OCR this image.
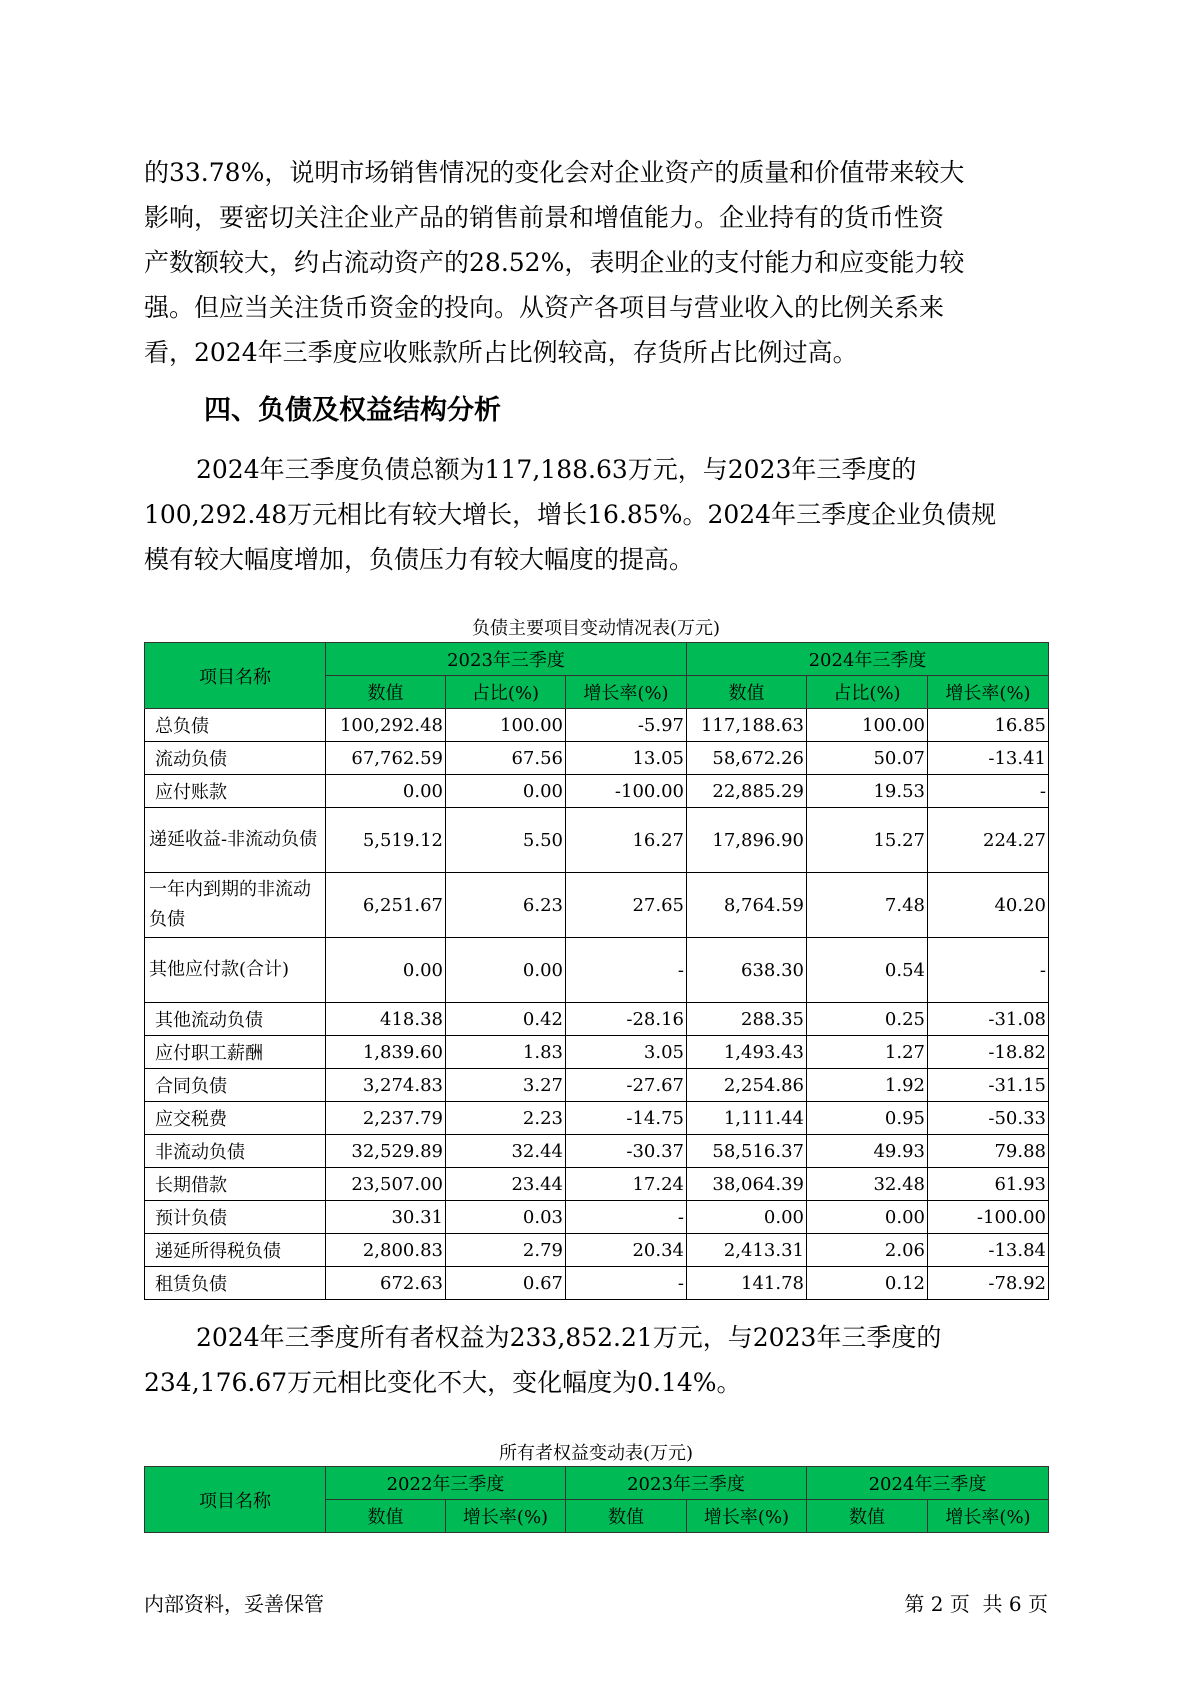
的33.78%，说明市场销售情况的变化会对企业资产的质量和价值带来较大
影响，要密切关注企业产品的销售前景和增值能力。企业持有的货币性资
产数额较大，约占流动资产的28.52%，表明企业的支付能力和应变能力较
强。但应当关注货币资金的投向。从资产各项目与营业收入的比例关系来
看，2024年三季度应收账款所占比例较高，存货所占比例过高。
四、负债及权益结构分析
2024年三季度负债总额为117,188.63万元，与2023年三季度的
100,292.48万元相比有较大增长，增长16.85%。2024年三季度企业负债规
模有较大幅度增加，负债压力有较大幅度的提高。
负债主要项目变动情况表(万元)
项目名称	2023年三季度			2024年三季度		
	数值	占比(%)	增长率(%)	数值	占比(%)	增长率(%)
总负债	100,292.48	100.00	-5.97	117,188.63	100.00	16.85
流动负债	67,762.59	67.56	13.05	58,672.26	50.07	-13.41
应付账款	0.00	0.00	-100.00	22,885.29	19.53	-
递延收益-非流动负债	5,519.12	5.50	16.27	17,896.90	15.27	224.27
一年内到期的非流动负债	6,251.67	6.23	27.65	8,764.59	7.48	40.20
其他应付款(合计)	0.00	0.00	-	638.30	0.54	-
其他流动负债	418.38	0.42	-28.16	288.35	0.25	-31.08
应付职工薪酬	1,839.60	1.83	3.05	1,493.43	1.27	-18.82
合同负债	3,274.83	3.27	-27.67	2,254.86	1.92	-31.15
应交税费	2,237.79	2.23	-14.75	1,111.44	0.95	-50.33
非流动负债	32,529.89	32.44	-30.37	58,516.37	49.93	79.88
长期借款	23,507.00	23.44	17.24	38,064.39	32.48	61.93
预计负债	30.31	0.03	-	0.00	0.00	-100.00
递延所得税负债	2,800.83	2.79	20.34	2,413.31	2.06	-13.84
租赁负债	672.63	0.67	-	141.78	0.12	-78.92
2024年三季度所有者权益为233,852.21万元，与2023年三季度的
234,176.67万元相比变化不大，变化幅度为0.14%。
所有者权益变动表(万元)
项目名称	2022年三季度		2023年三季度		2024年三季度	
	数值	增长率(%)	数值	增长率(%)	数值	增长率(%)
内部资料，妥善保管	第 2 页  共 6 页
